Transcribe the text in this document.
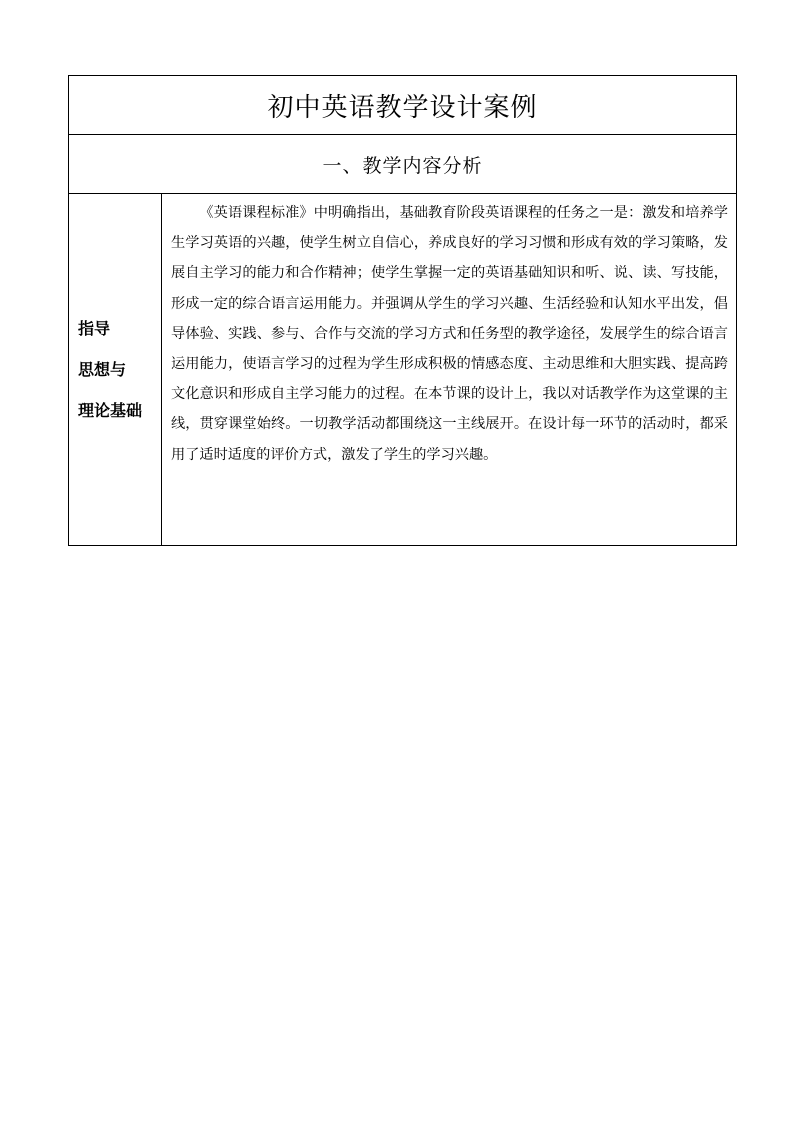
初中英语教学设计案例
一、教学内容分析
指导
思想与
理论基础

《英语课程标准》中明确指出，基础教育阶段英语课程的任务之一是：激发和培养学生学习英语的兴趣，使学生树立自信心，养成良好的学习习惯和形成有效的学习策略，发展自主学习的能力和合作精神；使学生掌握一定的英语基础知识和听、说、读、写技能，形成一定的综合语言运用能力。并强调从学生的学习兴趣、生活经验和认知水平出发，倡导体验、实践、参与、合作与交流的学习方式和任务型的教学途径，发展学生的综合语言运用能力，使语言学习的过程为学生形成积极的情感态度、主动思维和大胆实践、提高跨文化意识和形成自主学习能力的过程。在本节课的设计上，我以对话教学作为这堂课的主线，贯穿课堂始终。一切教学活动都围绕这一主线展开。在设计每一环节的活动时，都采用了适时适度的评价方式，激发了学生的学习兴趣。
